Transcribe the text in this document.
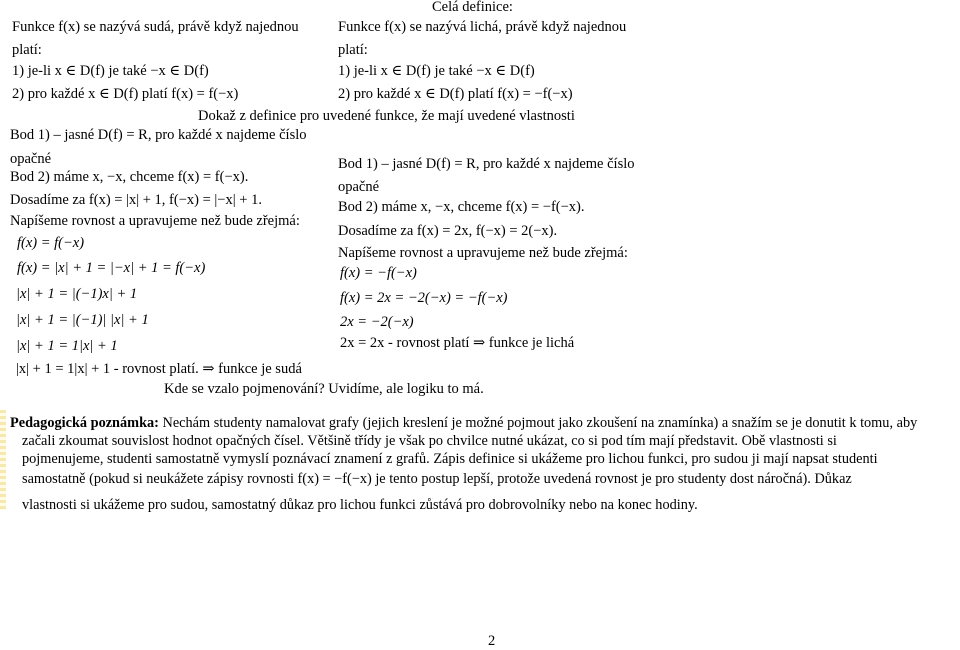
Celá definice:
Funkce f(x) se nazývá sudá, právě když najednou
platí:
1) je-li x ∈ D(f) je také −x ∈ D(f)
2) pro každé x ∈ D(f) platí f(x) = f(−x)
Funkce f(x) se nazývá lichá, právě když najednou
platí:
1) je-li x ∈ D(f) je také −x ∈ D(f)
2) pro každé x ∈ D(f) platí f(x) = −f(−x)
Dokaž z definice pro uvedené funkce, že mají uvedené vlastnosti
Bod 1) – jasné D(f) = R, pro každé x najdeme číslo
opačné
Bod 2) máme x, −x, chceme f(x) = f(−x).
Dosadíme za f(x) = |x| + 1, f(−x) = |−x| + 1.
Napíšeme rovnost a upravujeme než bude zřejmá:
f(x) = f(−x)
f(x) = |x| + 1 = |−x| + 1 = f(−x)
|x| + 1 = |(−1)x| + 1
|x| + 1 = |(−1)| |x| + 1
|x| + 1 = 1|x| + 1
|x| + 1 = 1|x| + 1 - rovnost platí. ⇒ funkce je sudá
Bod 1) – jasné D(f) = R, pro každé x najdeme číslo
opačné
Bod 2) máme x, −x, chceme f(x) = −f(−x).
Dosadíme za f(x) = 2x, f(−x) = 2(−x).
Napíšeme rovnost a upravujeme než bude zřejmá:
f(x) = −f(−x)
f(x) = 2x = −2(−x) = −f(−x)
2x = −2(−x)
2x = 2x - rovnost platí ⇒ funkce je lichá
Kde se vzalo pojmenování? Uvidíme, ale logiku to má.
Pedagogická poznámka: Nechám studenty namalovat grafy (jejich kreslení je možné pojmout jako zkoušení na znamínka) a snažím se je donutit k tomu, aby
začali zkoumat souvislost hodnot opačných čísel. Většině třídy je však po chvilce nutné ukázat, co si pod tím mají představit. Obě vlastnosti si
pojmenujeme, studenti samostatně vymyslí poznávací znamení z grafů. Zápis definice si ukážeme pro lichou funkci, pro sudou ji mají napsat studenti
samostatně (pokud si neukážete zápisy rovnosti f(x) = −f(−x) je tento postup lepší, protože uvedená rovnost je pro studenty dost náročná). Důkaz
vlastnosti si ukážeme pro sudou, samostatný důkaz pro lichou funkci zůstává pro dobrovolníky nebo na konec hodiny.
2
